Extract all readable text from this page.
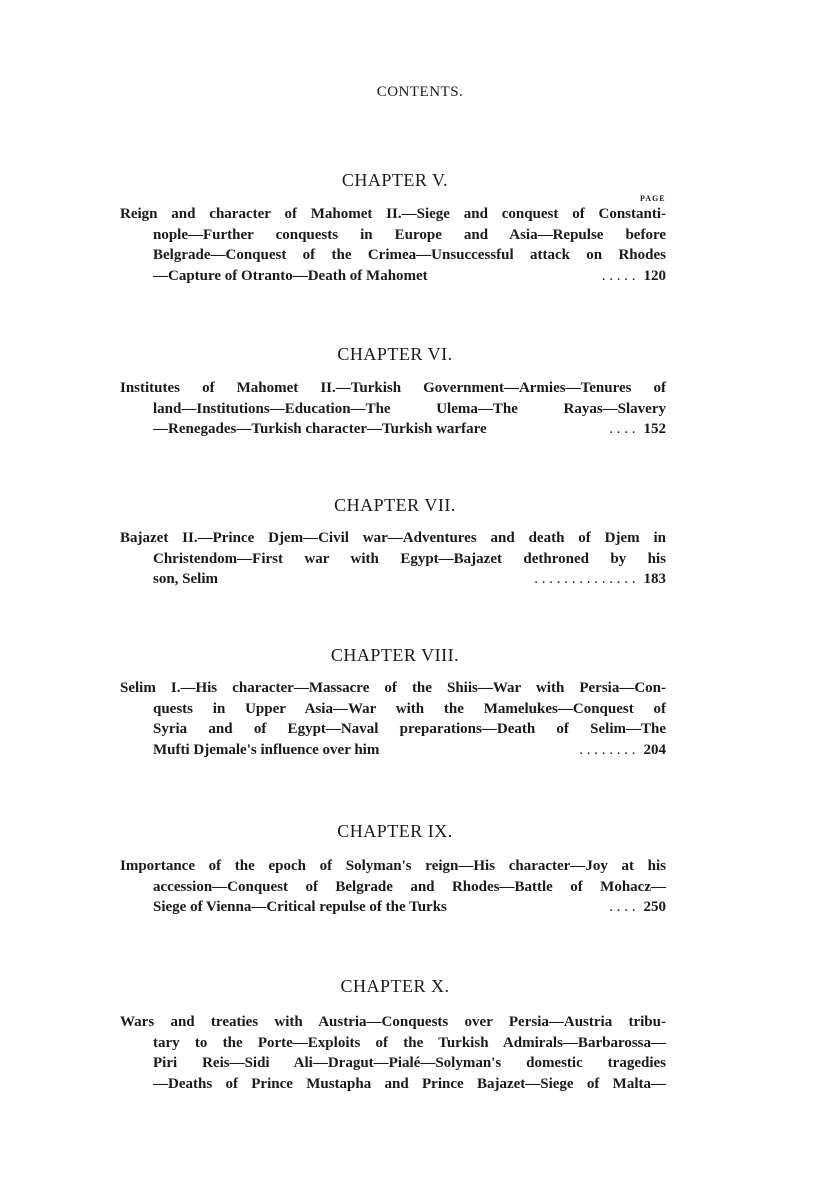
CONTENTS.
CHAPTER V.
PAGE
Reign and character of Mahomet II.—Siege and conquest of Constanti-
nople—Further conquests in Europe and Asia—Repulse before
Belgrade—Conquest of the Crimea—Unsuccessful attack on Rhodes
—Capture of Otranto—Death of Mahomet	. . . . . 120
CHAPTER VI.
Institutes of Mahomet II.—Turkish Government—Armies—Tenures of
land—Institutions—Education—The Ulema—The Rayas—Slavery
—Renegades—Turkish character—Turkish warfare	. . . . 152
CHAPTER VII.
Bajazet II.—Prince Djem—Civil war—Adventures and death of Djem in
Christendom—First war with Egypt—Bajazet dethroned by his
son, Selim	. . . . . . . . . . . . . . 183
CHAPTER VIII.
Selim I.—His character—Massacre of the Shiis—War with Persia—Con-
quests in Upper Asia—War with the Mamelukes—Conquest of
Syria and of Egypt—Naval preparations—Death of Selim—The
Mufti Djemale's influence over him	. . . . . . . . 204
CHAPTER IX.
Importance of the epoch of Solyman's reign—His character—Joy at his
accession—Conquest of Belgrade and Rhodes—Battle of Mohacz—
Siege of Vienna—Critical repulse of the Turks	. . . . 250
CHAPTER X.
Wars and treaties with Austria—Conquests over Persia—Austria tribu-
tary to the Porte—Exploits of the Turkish Admirals—Barbarossa—
Piri Reis—Sidi Ali—Dragut—Pialé—Solyman's domestic tragedies
—Deaths of Prince Mustapha and Prince Bajazet—Siege of Malta—
